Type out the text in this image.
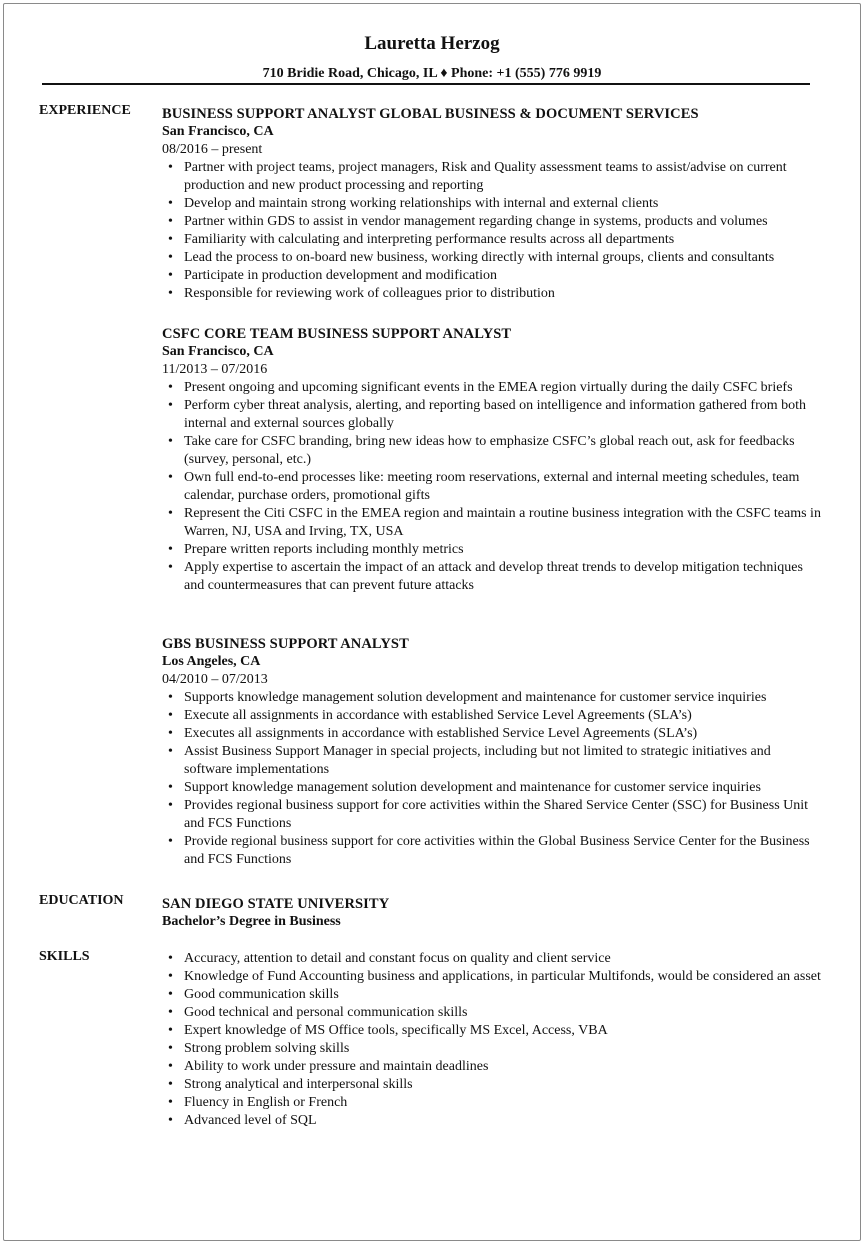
Lauretta Herzog
710 Bridie Road, Chicago, IL ♦ Phone: +1 (555) 776 9919
EXPERIENCE BUSINESS SUPPORT ANALYST GLOBAL BUSINESS & DOCUMENT SERVICES
San Francisco, CA
08/2016 – present
• Partner with project teams, project managers, Risk and Quality assessment teams to assist/advise on current production and new product processing and reporting
• Develop and maintain strong working relationships with internal and external clients
• Partner within GDS to assist in vendor management regarding change in systems, products and volumes
• Familiarity with calculating and interpreting performance results across all departments
• Lead the process to on-board new business, working directly with internal groups, clients and consultants
• Participate in production development and modification
• Responsible for reviewing work of colleagues prior to distribution
CSFC CORE TEAM BUSINESS SUPPORT ANALYST
San Francisco, CA
11/2013 – 07/2016
• Present ongoing and upcoming significant events in the EMEA region virtually during the daily CSFC briefs
• Perform cyber threat analysis, alerting, and reporting based on intelligence and information gathered from both internal and external sources globally
• Take care for CSFC branding, bring new ideas how to emphasize CSFC’s global reach out, ask for feedbacks (survey, personal, etc.)
• Own full end-to-end processes like: meeting room reservations, external and internal meeting schedules, team calendar, purchase orders, promotional gifts
• Represent the Citi CSFC in the EMEA region and maintain a routine business integration with the CSFC teams in Warren, NJ, USA and Irving, TX, USA
• Prepare written reports including monthly metrics
• Apply expertise to ascertain the impact of an attack and develop threat trends to develop mitigation techniques and countermeasures that can prevent future attacks
GBS BUSINESS SUPPORT ANALYST
Los Angeles, CA
04/2010 – 07/2013
• Supports knowledge management solution development and maintenance for customer service inquiries
• Execute all assignments in accordance with established Service Level Agreements (SLA’s)
• Executes all assignments in accordance with established Service Level Agreements (SLA’s)
• Assist Business Support Manager in special projects, including but not limited to strategic initiatives and software implementations
• Support knowledge management solution development and maintenance for customer service inquiries
• Provides regional business support for core activities within the Shared Service Center (SSC) for Business Unit and FCS Functions
• Provide regional business support for core activities within the Global Business Service Center for the Business and FCS Functions
EDUCATION	SAN DIEGO STATE UNIVERSITY
Bachelor’s Degree in Business
SKILLS
•	Accuracy, attention to detail and constant focus on quality and client service
• Knowledge of Fund Accounting business and applications, in particular Multifonds, would be considered an asset
• Good communication skills
• Good technical and personal communication skills
• Expert knowledge of MS Office tools, specifically MS Excel, Access, VBA
• Strong problem solving skills
• Ability to work under pressure and maintain deadlines
• Strong analytical and interpersonal skills
• Fluency in English or French
• Advanced level of SQL
